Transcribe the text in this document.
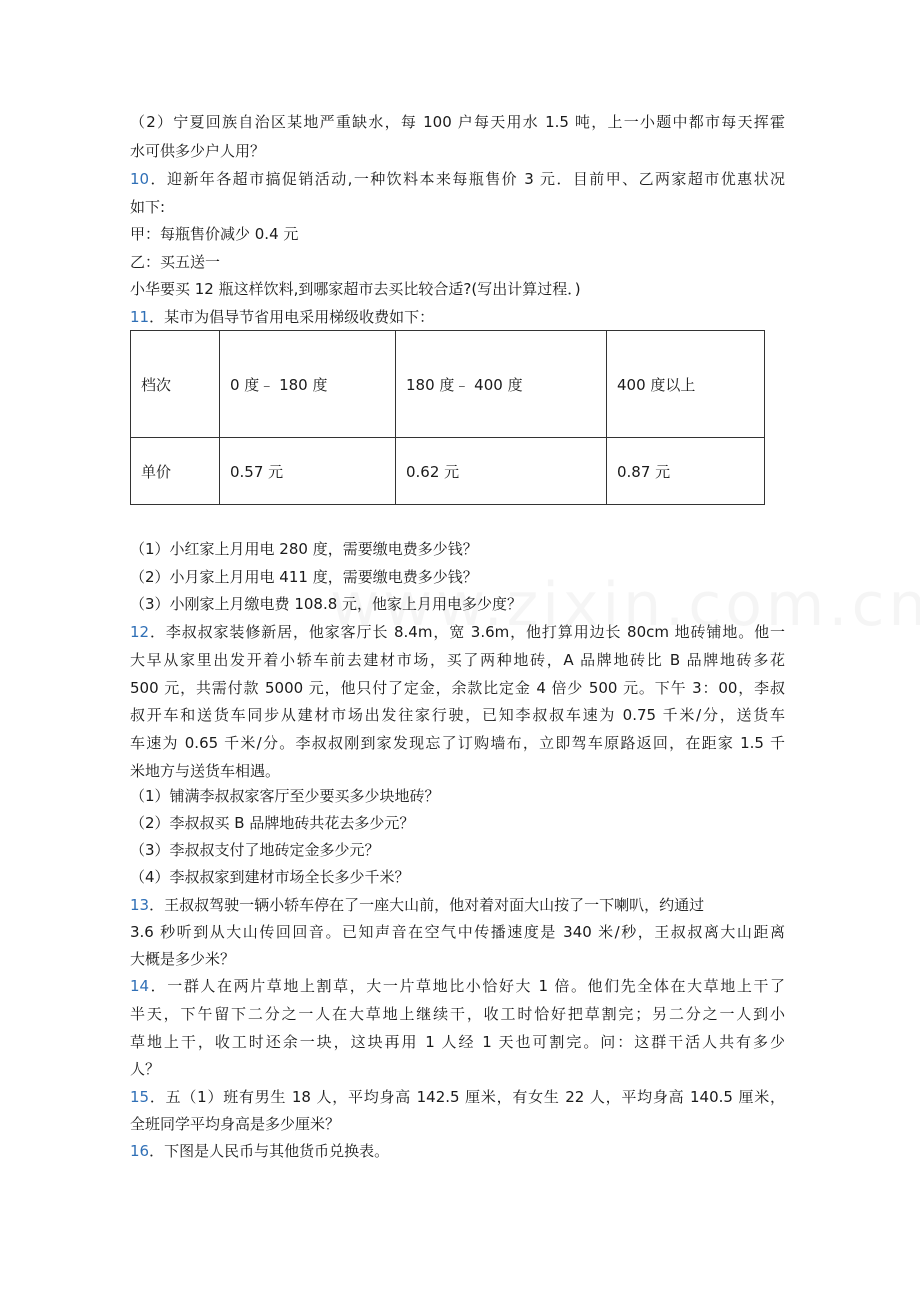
档次	0 度﹣ 180 度	180 度﹣ 400 度	400 度以上
单价	0.57 元	0.62 元	0.87 元
（2）宁夏回族自治区某地严重缺水，每 100 户每天用水 1.5 吨，上一小题中都市每天挥霍
水可供多少户人用？
10．迎新年各超市搞促销活动,一种饮料本来每瓶售价 3 元．目前甲、乙两家超市优惠状况
如下:
甲：每瓶售价减少 0.4 元
乙：买五送一
小华要买 12 瓶这样饮料,到哪家超市去买比较合适?(写出计算过程．)
11．某市为倡导节省用电采用梯级收费如下：
（1）小红家上月用电 280 度，需要缴电费多少钱？
（2）小月家上月用电 411 度，需要缴电费多少钱？
（3）小刚家上月缴电费 108.8 元，他家上月用电多少度？
12．李叔叔家装修新居，他家客厅长 8.4m，宽 3.6m，他打算用边长 80cm 地砖铺地。他一
大早从家里出发开着小轿车前去建材市场，买了两种地砖，A 品牌地砖比 B 品牌地砖多花
500 元，共需付款 5000 元，他只付了定金，余款比定金 4 倍少 500 元。下午 3：00，李叔
叔开车和送货车同步从建材市场出发往家行驶，已知李叔叔车速为 0.75 千米/分，送货车
车速为 0.65 千米/分。李叔叔刚到家发现忘了订购墙布，立即驾车原路返回，在距家 1.5 千
米地方与送货车相遇。
（1）铺满李叔叔家客厅至少要买多少块地砖？
（2）李叔叔买 B 品牌地砖共花去多少元？
（3）李叔叔支付了地砖定金多少元？
（4）李叔叔家到建材市场全长多少千米？
13．王叔叔驾驶一辆小轿车停在了一座大山前，他对着对面大山按了一下喇叭，约通过
3.6 秒听到从大山传回回音。已知声音在空气中传播速度是 340 米/秒，王叔叔离大山距离
大概是多少米？
14．一群人在两片草地上割草，大一片草地比小恰好大 1 倍。他们先全体在大草地上干了
半天，下午留下二分之一人在大草地上继续干，收工时恰好把草割完；另二分之一人到小
草地上干，收工时还余一块，这块再用 1 人经 1 天也可割完。问：这群干活人共有多少
人？
15．五（1）班有男生 18 人，平均身高 142.5 厘米，有女生 22 人，平均身高 140.5 厘米，
全班同学平均身高是多少厘米？
16．下图是人民币与其他货币兑换表。
